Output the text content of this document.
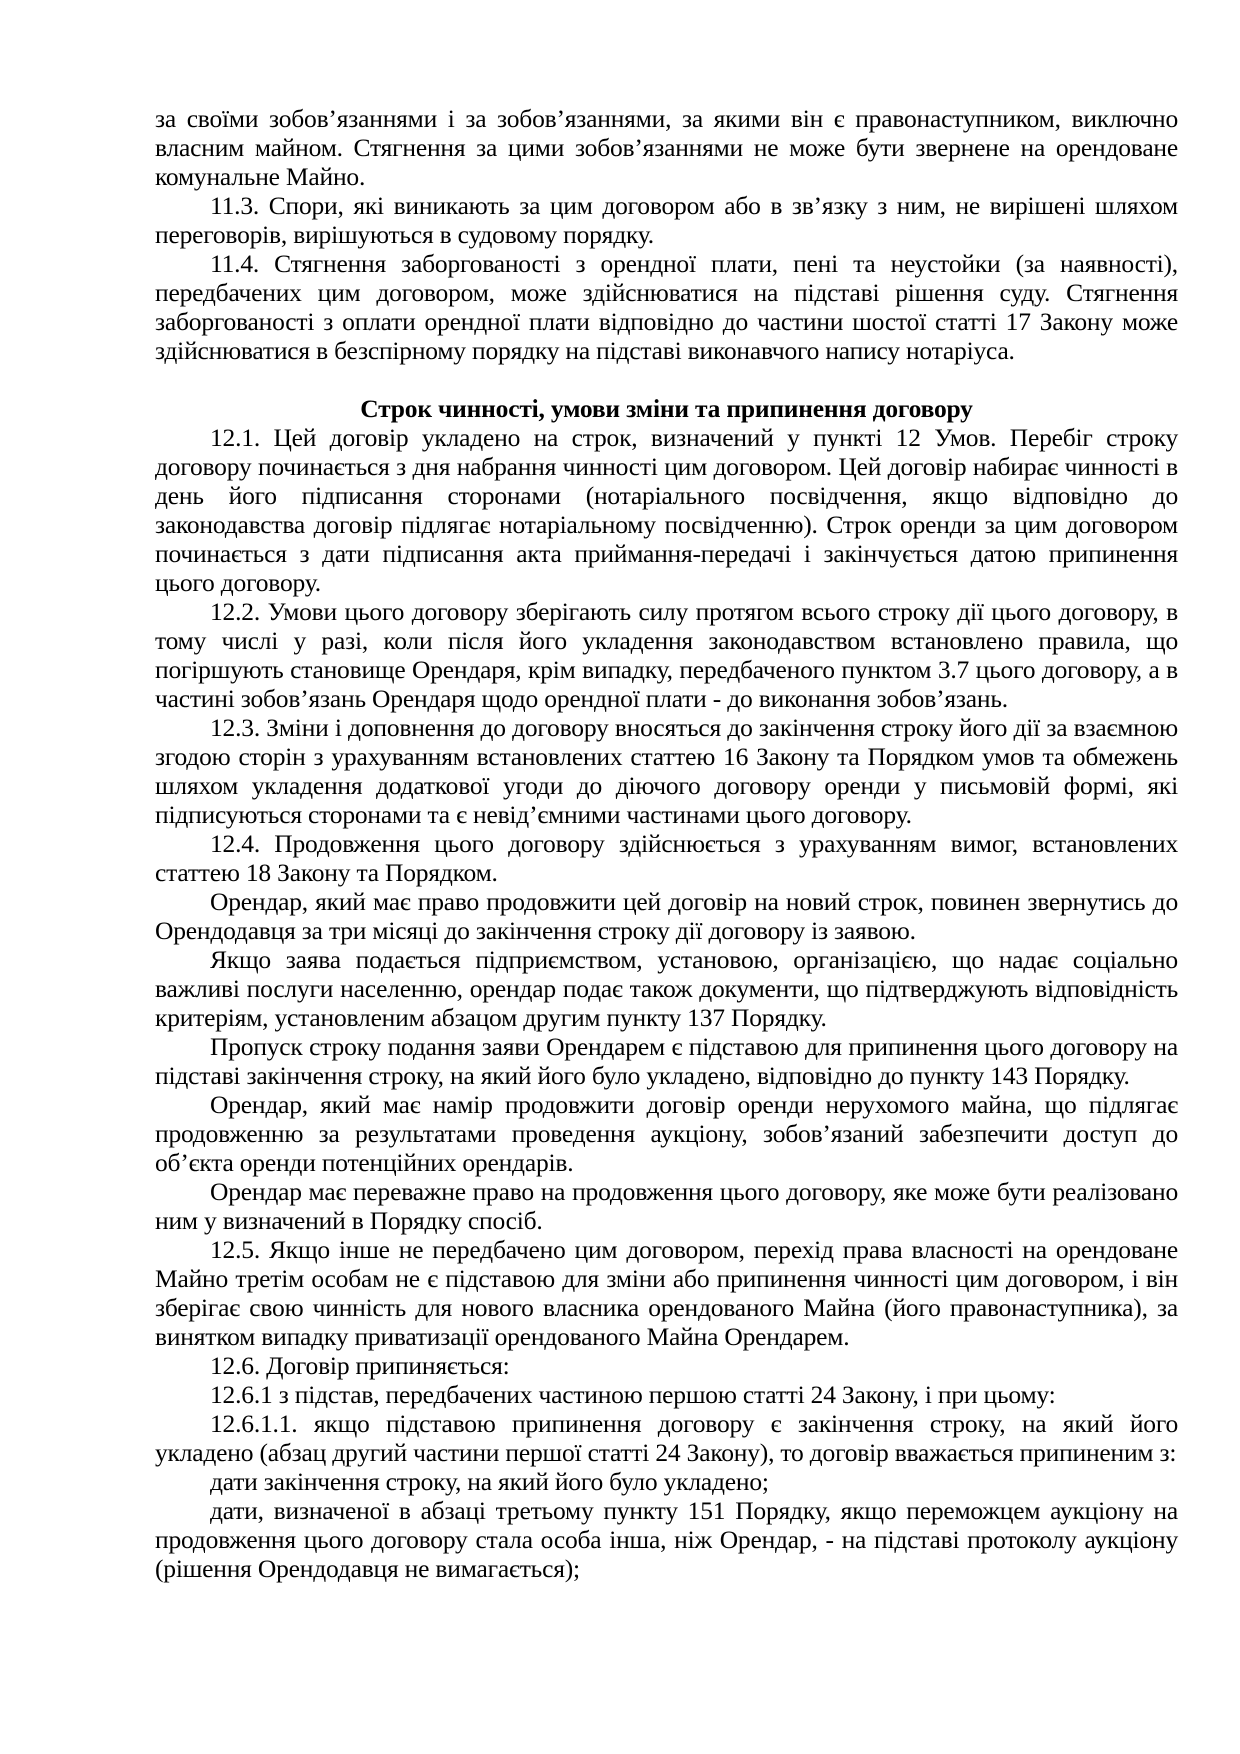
за своїми зобов’язаннями і за зобов’язаннями, за якими він є правонаступником, виключно власним майном. Стягнення за цими зобов’язаннями не може бути звернене на орендоване комунальне Майно.

11.3. Спори, які виникають за цим договором або в зв’язку з ним, не вирішені шляхом переговорів, вирішуються в судовому порядку.

11.4. Стягнення заборгованості з орендної плати, пені та неустойки (за наявності), передбачених цим договором, може здійснюватися на підставі рішення суду. Стягнення заборгованості з оплати орендної плати відповідно до частини шостої статті 17 Закону може здійснюватися в безспірному порядку на підставі виконавчого напису нотаріуса.

Строк чинності, умови зміни та припинення договору

12.1. Цей договір укладено на строк, визначений у пункті 12 Умов. Перебіг строку договору починається з дня набрання чинності цим договором. Цей договір набирає чинності в день його підписання сторонами (нотаріального посвідчення, якщо відповідно до законодавства договір підлягає нотаріальному посвідченню). Строк оренди за цим договором починається з дати підписання акта приймання-передачі і закінчується датою припинення цього договору.

12.2. Умови цього договору зберігають силу протягом всього строку дії цього договору, в тому числі у разі, коли після його укладення законодавством встановлено правила, що погіршують становище Орендаря, крім випадку, передбаченого пунктом 3.7 цього договору, а в частині зобов’язань Орендаря щодо орендної плати - до виконання зобов’язань.

12.3. Зміни і доповнення до договору вносяться до закінчення строку його дії за взаємною згодою сторін з урахуванням встановлених статтею 16 Закону та Порядком умов та обмежень шляхом укладення додаткової угоди до діючого договору оренди у письмовій формі, які підписуються сторонами та є невід’ємними частинами цього договору.

12.4. Продовження цього договору здійснюється з урахуванням вимог, встановлених статтею 18 Закону та Порядком.

Орендар, який має право продовжити цей договір на новий строк, повинен звернутись до Орендодавця за три місяці до закінчення строку дії договору із заявою.

Якщо заява подається підприємством, установою, організацією, що надає соціально важливі послуги населенню, орендар подає також документи, що підтверджують відповідність критеріям, установленим абзацом другим пункту 137 Порядку.

Пропуск строку подання заяви Орендарем є підставою для припинення цього договору на підставі закінчення строку, на який його було укладено, відповідно до пункту 143 Порядку.

Орендар, який має намір продовжити договір оренди нерухомого майна, що підлягає продовженню за результатами проведення аукціону, зобов’язаний забезпечити доступ до об’єкта оренди потенційних орендарів.

Орендар має переважне право на продовження цього договору, яке може бути реалізовано ним у визначений в Порядку спосіб.

12.5. Якщо інше не передбачено цим договором, перехід права власності на орендоване Майно третім особам не є підставою для зміни або припинення чинності цим договором, і він зберігає свою чинність для нового власника орендованого Майна (його правонаступника), за винятком випадку приватизації орендованого Майна Орендарем.

12.6. Договір припиняється:

12.6.1 з підстав, передбачених частиною першою статті 24 Закону, і при цьому:

12.6.1.1. якщо підставою припинення договору є закінчення строку, на який його укладено (абзац другий частини першої статті 24 Закону), то договір вважається припиненим з:

дати закінчення строку, на який його було укладено;

дати, визначеної в абзаці третьому пункту 151 Порядку, якщо переможцем аукціону на продовження цього договору стала особа інша, ніж Орендар, - на підставі протоколу аукціону (рішення Орендодавця не вимагається);
